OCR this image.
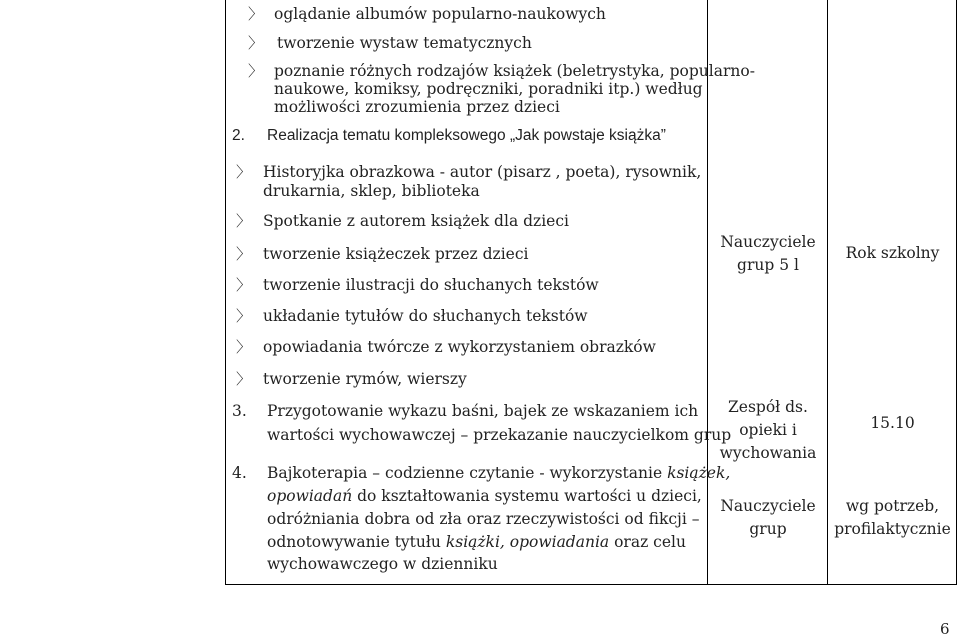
〉 oglądanie albumów popularno-naukowych
〉 tworzenie wystaw tematycznych
〉 poznanie różnych rodzajów książek (beletrystyka, popularno-
naukowe, komiksy, podręczniki, poradniki itp.) według
możliwości zrozumienia przez dzieci
2. Realizacja tematu kompleksowego „Jak powstaje książka”
〉 Historyjka obrazkowa - autor (pisarz , poeta), rysownik,
drukarnia, sklep, biblioteka
〉 Spotkanie z autorem książek dla dzieci
〉 tworzenie książeczek przez dzieci
〉 tworzenie ilustracji do słuchanych tekstów
〉 układanie tytułów do słuchanych tekstów
〉 opowiadania twórcze z wykorzystaniem obrazków
〉 tworzenie rymów, wierszy
Nauczyciele
grup 5 l
Rok szkolny
3. Przygotowanie wykazu baśni, bajek ze wskazaniem ich
wartości wychowawczej – przekazanie nauczycielkom grup
Zespół ds.
opieki i
wychowania
15.10
4. Bajkoterapia – codzienne czytanie - wykorzystanie książek,
opowiadań do kształtowania systemu wartości u dzieci,
odróżniania dobra od zła oraz rzeczywistości od fikcji –
odnotowywanie tytułu książki, opowiadania oraz celu
wychowawczego w dzienniku
Nauczyciele
grup
wg potrzeb,
profilaktycznie
6
